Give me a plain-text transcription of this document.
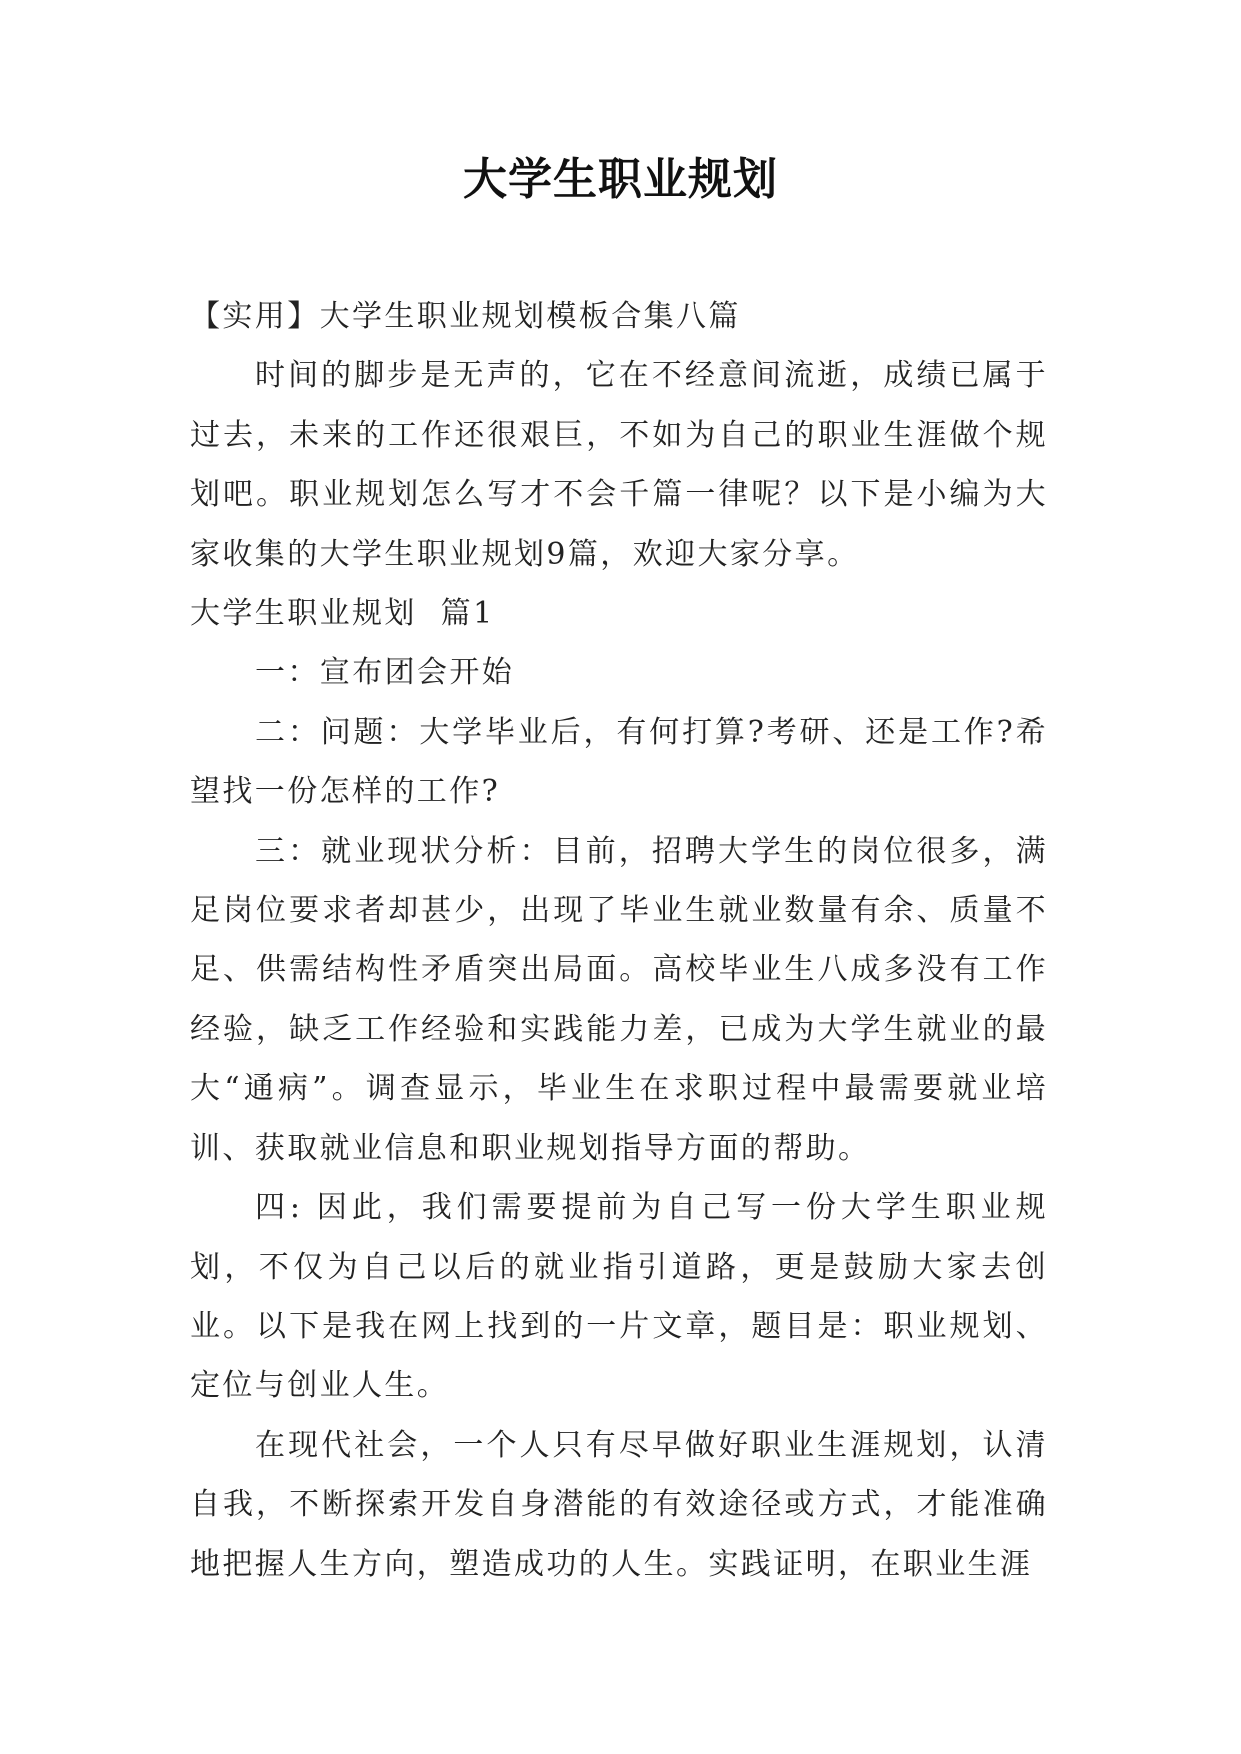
大学生职业规划

【实用】大学生职业规划模板合集八篇

时间的脚步是无声的，它在不经意间流逝，成绩已属于过去，未来的工作还很艰巨，不如为自己的职业生涯做个规划吧。职业规划怎么写才不会千篇一律呢？以下是小编为大家收集的大学生职业规划9篇，欢迎大家分享。

大学生职业规划  篇1

一：宣布团会开始

二：问题：大学毕业后，有何打算?考研、还是工作?希望找一份怎样的工作?

三：就业现状分析：目前，招聘大学生的岗位很多，满足岗位要求者却甚少，出现了毕业生就业数量有余、质量不足、供需结构性矛盾突出局面。高校毕业生八成多没有工作经验，缺乏工作经验和实践能力差，已成为大学生就业的最大“通病”。调查显示，毕业生在求职过程中最需要就业培训、获取就业信息和职业规划指导方面的帮助。

四: 因此，我们需要提前为自己写一份大学生职业规划，不仅为自己以后的就业指引道路，更是鼓励大家去创业。以下是我在网上找到的一片文章，题目是：职业规划、定位与创业人生。

在现代社会，一个人只有尽早做好职业生涯规划，认清自我，不断探索开发自身潜能的有效途径或方式，才能准确地把握人生方向，塑造成功的人生。实践证明，在职业生涯
